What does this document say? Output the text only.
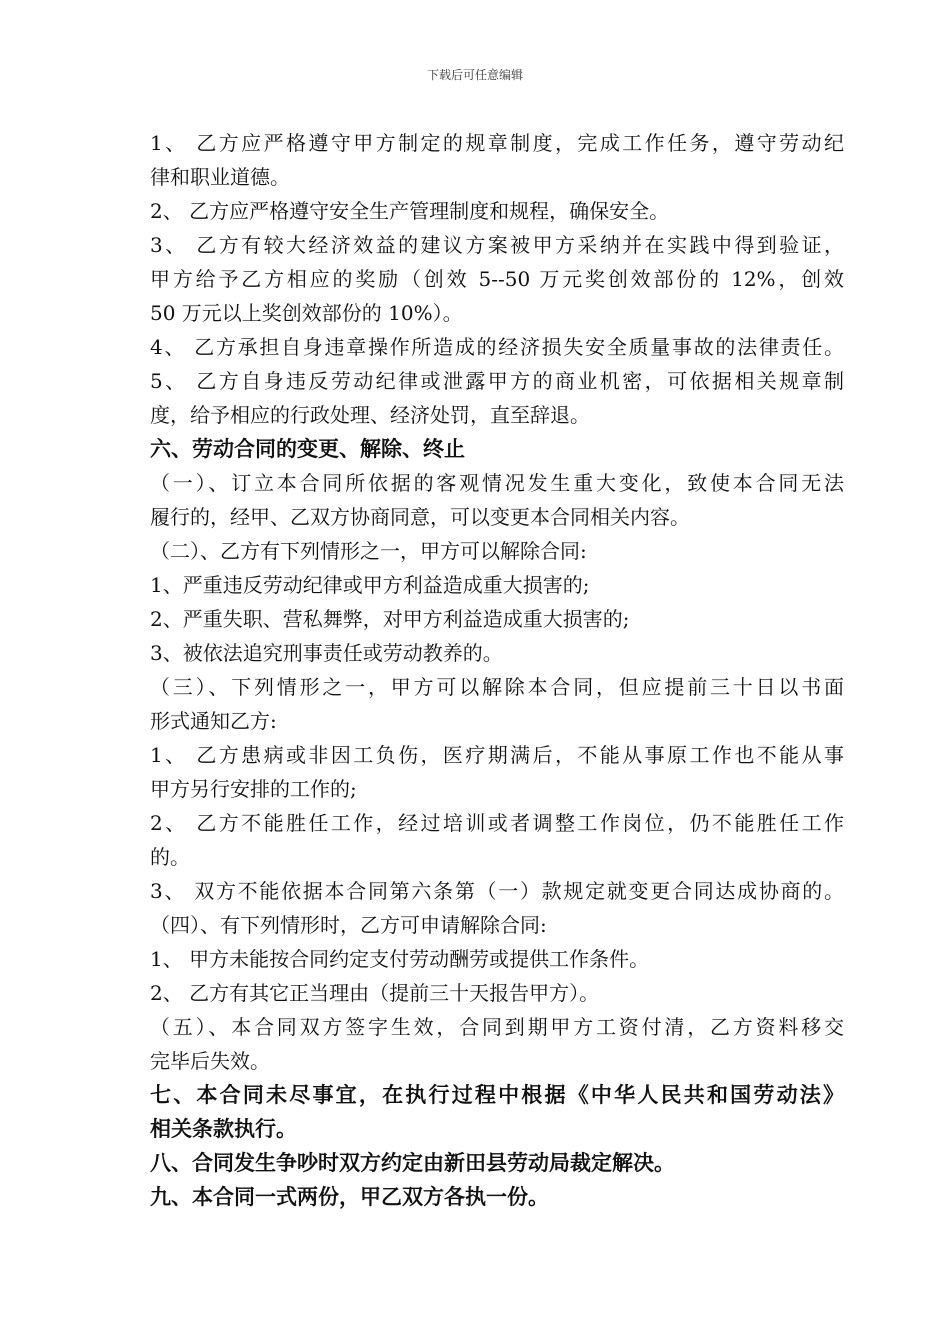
下载后可任意编辑
1、 乙方应严格遵守甲方制定的规章制度，完成工作任务，遵守劳动纪
律和职业道德。
2、 乙方应严格遵守安全生产管理制度和规程，确保安全。
3、 乙方有较大经济效益的建议方案被甲方采纳并在实践中得到验证，
甲方给予乙方相应的奖励（创效 5--50 万元奖创效部份的 12%，创效
50 万元以上奖创效部份的 10%）。
4、 乙方承担自身违章操作所造成的经济损失安全质量事故的法律责任。
5、 乙方自身违反劳动纪律或泄露甲方的商业机密，可依据相关规章制
度，给予相应的行政处理、经济处罚，直至辞退。
六、劳动合同的变更、解除、终止
（一）、订立本合同所依据的客观情况发生重大变化，致使本合同无法
履行的，经甲、乙双方协商同意，可以变更本合同相关内容。
（二）、乙方有下列情形之一，甲方可以解除合同:
1、严重违反劳动纪律或甲方利益造成重大损害的;
2、严重失职、营私舞弊，对甲方利益造成重大损害的;
3、被依法追究刑事责任或劳动教养的。
（三）、下列情形之一，甲方可以解除本合同，但应提前三十日以书面
形式通知乙方:
1、 乙方患病或非因工负伤，医疗期满后，不能从事原工作也不能从事
甲方另行安排的工作的;
2、 乙方不能胜任工作，经过培训或者调整工作岗位，仍不能胜任工作
的。
3、 双方不能依据本合同第六条第（一）款规定就变更合同达成协商的。
（四）、有下列情形时，乙方可申请解除合同:
1、 甲方未能按合同约定支付劳动酬劳或提供工作条件。
2、 乙方有其它正当理由（提前三十天报告甲方）。
（五）、本合同双方签字生效，合同到期甲方工资付清，乙方资料移交
完毕后失效。
七、本合同未尽事宜，在执行过程中根据《中华人民共和国劳动法》
相关条款执行。
八、合同发生争吵时双方约定由新田县劳动局裁定解决。
九、本合同一式两份，甲乙双方各执一份。
